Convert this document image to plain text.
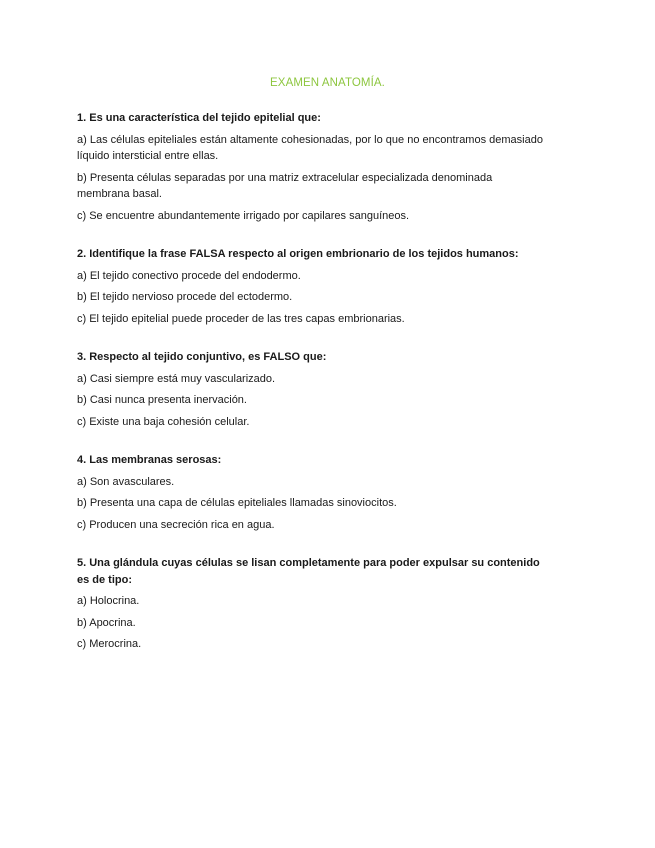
EXAMEN ANATOMÍA.
1. Es una característica del tejido epitelial que:
a) Las células epiteliales están altamente cohesionadas, por lo que no encontramos demasiado líquido intersticial entre ellas.
b) Presenta células separadas por una matriz extracelular especializada denominada membrana basal.
c) Se encuentre abundantemente irrigado por capilares sanguíneos.
2. Identifique la frase FALSA respecto al origen embrionario de los tejidos humanos:
a) El tejido conectivo procede del endodermo.
b) El tejido nervioso procede del ectodermo.
c) El tejido epitelial puede proceder de las tres capas embrionarias.
3. Respecto al tejido conjuntivo, es FALSO que:
a) Casi siempre está muy vascularizado.
b) Casi nunca presenta inervación.
c) Existe una baja cohesión celular.
4. Las membranas serosas:
a) Son avasculares.
b) Presenta una capa de células epiteliales llamadas sinoviocitos.
c) Producen una secreción rica en agua.
5. Una glándula cuyas células se lisan completamente para poder expulsar su contenido es de tipo:
a) Holocrina.
b) Apocrina.
c) Merocrina.
